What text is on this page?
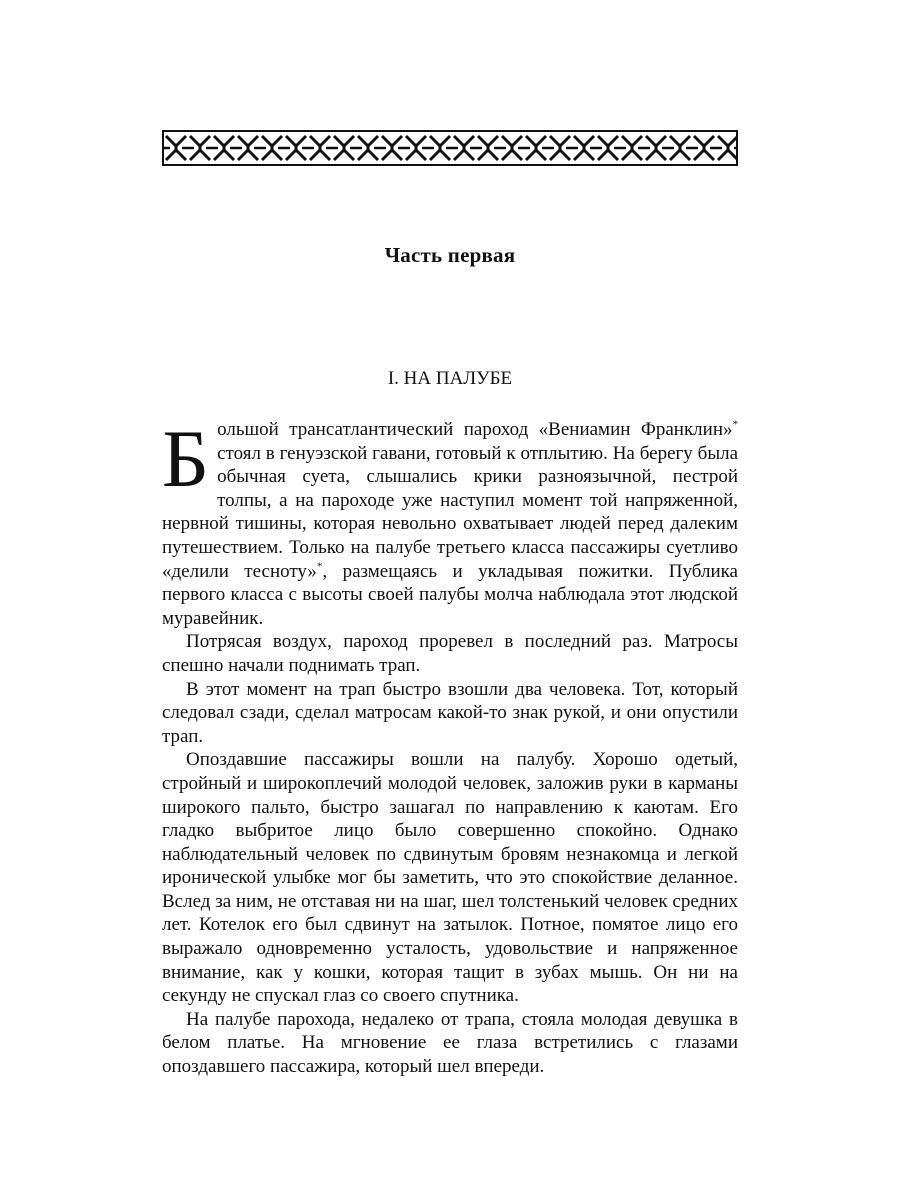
Часть первая
I. НА ПАЛУБЕ

Большой трансатлантический пароход «Вениамин Франклин»* стоял в генуэзской гавани, готовый к отплытию. На берегу была обычная суета, слышались крики разноязычной, пестрой толпы, а на пароходе уже наступил момент той напряженной, нервной тишины, которая невольно охватывает людей перед далеким путешествием. Только на палубе третьего класса пассажиры суетливо «делили тесноту»*, размещаясь и укладывая пожитки. Публика первого класса с высоты своей палубы молча наблюдала этот людской муравейник.

Потрясая воздух, пароход проревел в последний раз. Матросы спешно начали поднимать трап.

В этот момент на трап быстро взошли два человека. Тот, который следовал сзади, сделал матросам какой-то знак рукой, и они опустили трап.

Опоздавшие пассажиры вошли на палубу. Хорошо одетый, стройный и широкоплечий молодой человек, заложив руки в карманы широкого пальто, быстро зашагал по направлению к каютам. Его гладко выбритое лицо было совершенно спокойно. Однако наблюдательный человек по сдвинутым бровям незнакомца и легкой иронической улыбке мог бы заметить, что это спокойствие деланное. Вслед за ним, не отставая ни на шаг, шел толстенький человек средних лет. Котелок его был сдвинут на затылок. Потное, помятое лицо его выражало одновременно усталость, удовольствие и напряженное внимание, как у кошки, которая тащит в зубах мышь. Он ни на секунду не спускал глаз со своего спутника.

На палубе парохода, недалеко от трапа, стояла молодая девушка в белом платье. На мгновение ее глаза встретились с глазами опоздавшего пассажира, который шел впереди.
